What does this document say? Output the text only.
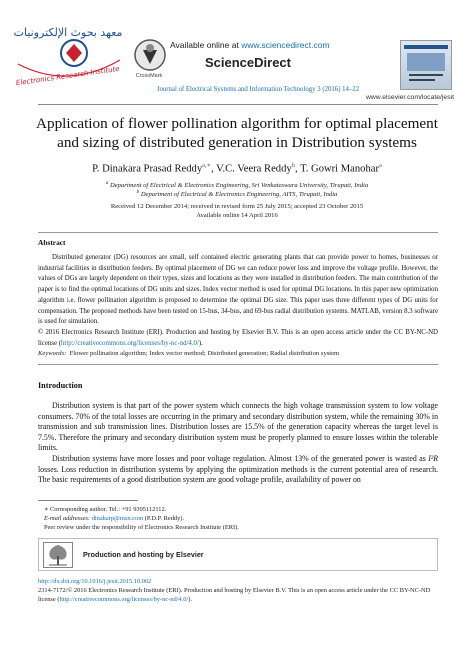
معهد بحوث الإلكترونيات
Electronics Research Institute	CrossMark
Available online at www.sciencedirect.com
ScienceDirect
Journal of Electrical Systems and Information Technology 3 (2016) 14–22
www.elsevier.com/locate/jesit
Application of flower pollination algorithm for optimal placement
and sizing of distributed generation in Distribution systems
P. Dinakara Prasad Reddy$^{a,∗}$, V.C. Veera Reddy$^b$, T. Gowri Manohar$^a$
$^a$ Department of Electrical & Electronics Engineering, Sri Venkateswara University, Tirupati, India
$^b$ Department of Electrical & Electronics Engineering, AITS, Tirupati, India
Received 12 December 2014; received in revised form 25 July 2015; accepted 23 October 2015
Available online 14 April 2016
Abstract

Distributed generator (DG) resources are small, self contained electric generating plants that can provide power to homes, businesses or industrial facilities in distribution feeders. By optimal placement of DG we can reduce power loss and improve the voltage profile. However, the values of DGs are largely dependent on their types, sizes and locations as they were installed in distribution feeders. The main contribution of the paper is to find the optimal locations of DG units and sizes. Index vector method is used for optimal DG locations. In this paper new optimization algorithm i.e. flower pollination algorithm is proposed to determine the optimal DG size. This paper uses three different types of DG units for compensation. The proposed methods have been tested on 15-bus, 34-bus, and 69-bus radial distribution systems. MATLAB, version 8.3 software is used for simulation.

© 2016 Electronics Research Institute (ERI). Production and hosting by Elsevier B.V. This is an open access article under the CC BY-NC-ND license (http://creativecommons.org/licenses/by-nc-nd/4.0/).

Keywords: Flower pollination algorithm; Index vector method; Distributed generation; Radial distribution system
Introduction

Distribution system is that part of the power system which connects the high voltage transmission system to low voltage consumers. 70% of the total losses are occurring in the primary and secondary distribution system, while the remaining 30% in transmission and sub transmission lines. Distribution losses are 15.5% of the generation capacity whereas the target level is 7.5%. Therefore the primary and secondary distribution system must be properly planned to ensure losses within the tolerable limits.

Distribution systems have more losses and poor voltage regulation. Almost 13% of the generated power is wasted as I²R losses. Loss reduction in distribution systems by applying the optimization methods is the current potential area of research. The basic requirements of a good distribution system are good voltage profile, availability of power on

∗ Corresponding author. Tel.: +91 9395112112.
E-mail addresses: dinakarp@msn.com (P.D.P. Reddy).
Peer review under the responsibility of Electronics Research Institute (ERI).
Production and hosting by Elsevier
http://dx.doi.org/10.1016/j.jesit.2015.10.002
2314-7172/© 2016 Electronics Research Institute (ERI). Production and hosting by Elsevier B.V. This is an open access article under the CC BY-NC-ND license (http://creativecommons.org/licenses/by-nc-nd/4.0/).
